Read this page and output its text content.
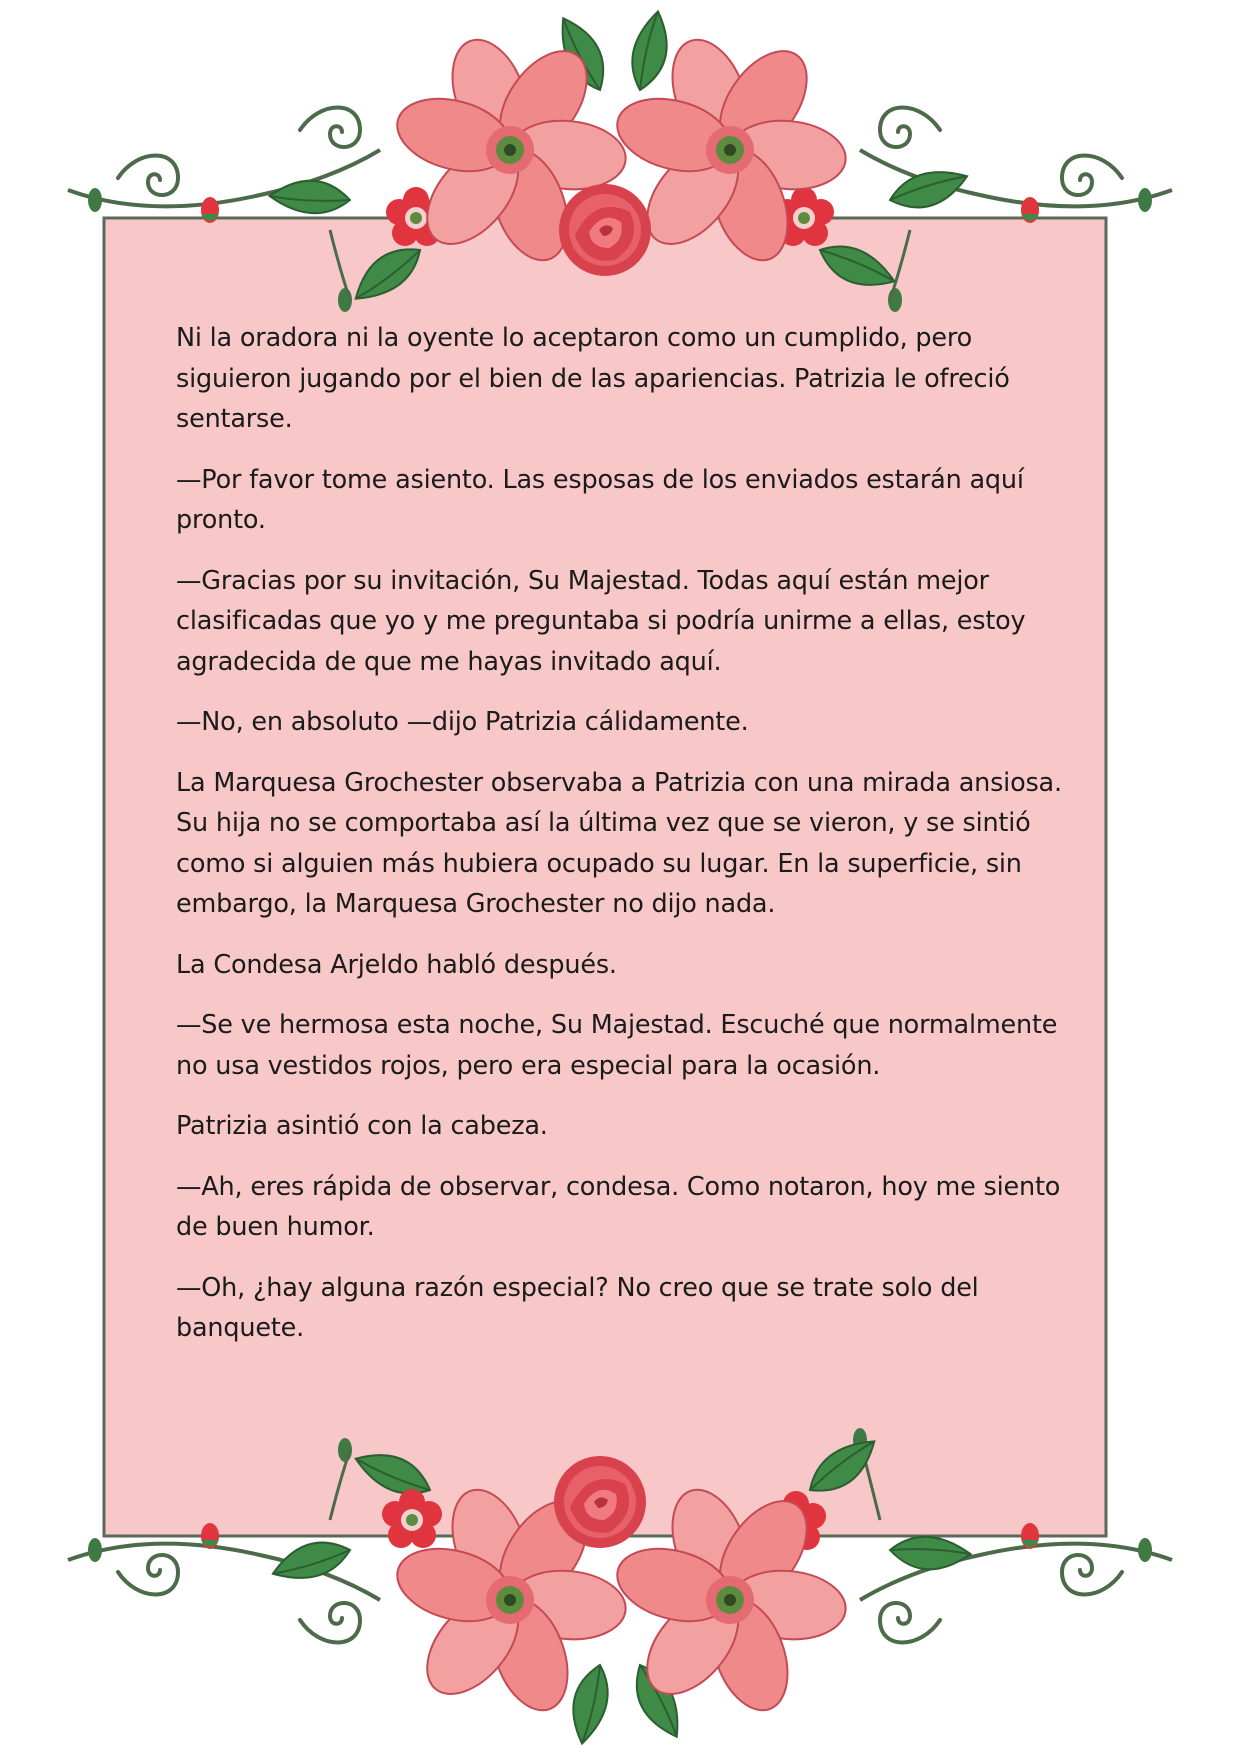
Ni la oradora ni la oyente lo aceptaron como un cumplido, pero siguieron jugando por el bien de las apariencias. Patrizia le ofreció sentarse.

—Por favor tome asiento. Las esposas de los enviados estarán aquí pronto.

—Gracias por su invitación, Su Majestad. Todas aquí están mejor clasificadas que yo y me preguntaba si podría unirme a ellas, estoy agradecida de que me hayas invitado aquí.

—No, en absoluto —dijo Patrizia cálidamente.

La Marquesa Grochester observaba a Patrizia con una mirada ansiosa. Su hija no se comportaba así la última vez que se vieron, y se sintió como si alguien más hubiera ocupado su lugar. En la superficie, sin embargo, la Marquesa Grochester no dijo nada.

La Condesa Arjeldo habló después.

—Se ve hermosa esta noche, Su Majestad. Escuché que normalmente no usa vestidos rojos, pero era especial para la ocasión.

Patrizia asintió con la cabeza.

—Ah, eres rápida de observar, condesa. Como notaron, hoy me siento de buen humor.

—Oh, ¿hay alguna razón especial? No creo que se trate solo del banquete.
